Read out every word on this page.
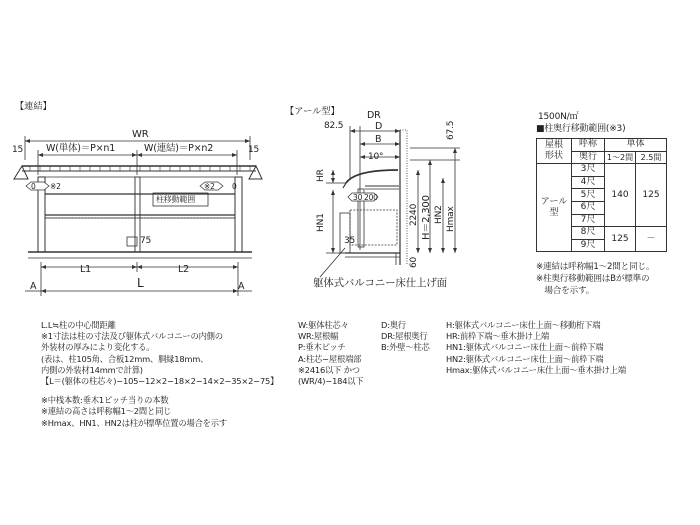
【連結】	【アール型】
WR
W(単体)＝P×n1	W(連結)＝P×n2
15	15
0 ※2	※2 0
柱移動範囲
75
L1	L2
L
A	A
DR
82.5	D
B	67.5
10°
HR
30 200
HN1
35
2240 H＝2,300 HN2 Hmax
60
躯体式バルコニー床仕上げ面
1500N/㎡
■柱奥行移動範囲(※3)
屋根
形状	呼称	単体	
	奥行	1〜2間	2.5間
アール型	3尺	140	125
	4尺		
	5尺		
	6尺		
	7尺		
	8尺	125	－
	9尺		
※連結は呼称幅1〜2間と同じ。
※柱奥行移動範囲はBが標準の
　場合を示す。
L.L≒柱の中心間距離
※1寸法は柱の寸法及び躯体式バルコニーの内側の
外装材の厚みにより変化する。
(表は、柱105角、合板12mm、胴縁18mm、
内側の外装材14mmで計算)
【L＝(躯体の柱芯々)−105−12×2−18×2−14×2−35×2−75】
※中桟本数:垂木1ピッチ当りの本数
※連結の高さは呼称幅1〜2間と同じ
※Hmax、HN1、HN2は柱が標準位置の場合を示す
W:躯体柱芯々
WR:屋根幅
P:垂木ピッチ
A:柱芯−屋根端部
※2416以下 かつ
(WR/4)−184以下
D:奥行
DR:屋根奥行
B:外壁〜柱芯
H:躯体式バルコニー床仕上面〜移動桁下端
HR:前枠下端〜垂木掛け上端
HN1:躯体式バルコニー床仕上面〜前枠下端
HN2:躯体式バルコニー床仕上面〜前枠下端
Hmax:躯体式バルコニー床仕上面〜垂木掛け上端
